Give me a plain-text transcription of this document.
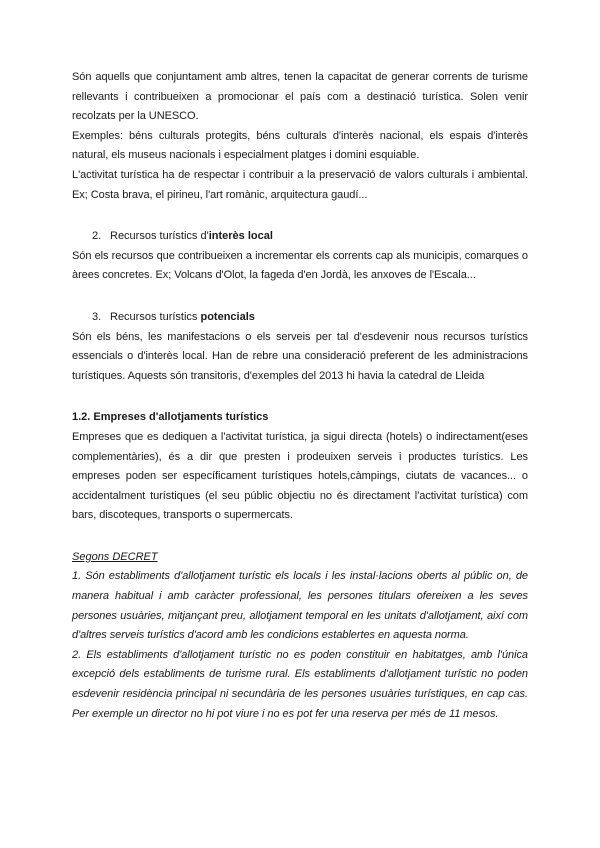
Són aquells que conjuntament amb altres, tenen la capacitat de generar corrents de turisme rellevants i contribueixen a promocionar el país com a destinació turística. Solen venir recolzats per la UNESCO.

Exemples: béns culturals protegits, béns culturals d'interès nacional, els espais d'interès natural, els museus nacionals i especialment platges i domini esquiable.

L'activitat turística ha de respectar i contribuir a la preservació de valors culturals i ambiental. Ex; Costa brava, el pirineu, l'art romànic, arquitectura gaudí...

2. Recursos turístics d'interès local

Són els recursos que contribueixen a incrementar els corrents cap als municipis, comarques o àrees concretes. Ex; Volcans d'Olot, la fageda d'en Jordà, les anxoves de l'Escala...

3. Recursos turístics potencials

Són els béns, les manifestacions o els serveis per tal d'esdevenir nous recursos turístics essencials o d'interès local. Han de rebre una consideració preferent de les administracions turístiques. Aquests són transitoris, d'exemples del 2013 hi havia la catedral de Lleida

1.2. Empreses d'allotjaments turístics

Empreses que es dediquen a l'activitat turística, ja sigui directa (hotels) o indirectament(eses complementàries), és a dir que presten i prodeuixen serveis i productes turístics. Les empreses poden ser específicament turístiques hotels,càmpings, ciutats de vacances... o accidentalment turístiques (el seu públic objectiu no és directament l'activitat turística) com bars, discoteques, transports o supermercats.

Segons DECRET

1. Són establiments d'allotjament turístic els locals i les instal·lacions oberts al públic on, de manera habitual i amb caràcter professional, les persones titulars ofereixen a les seves persones usuàries, mitjançant preu, allotjament temporal en les unitats d'allotjament, així com d'altres serveis turístics d'acord amb les condicions establertes en aquesta norma.

2. Els establiments d'allotjament turístic no es poden constituir en habitatges, amb l'única excepció dels establiments de turisme rural. Els establiments d'allotjament turístic no poden esdevenir residència principal ni secundària de les persones usuàries turístiques, en cap cas. Per exemple un director no hi pot viure i no es pot fer una reserva per més de 11 mesos.
